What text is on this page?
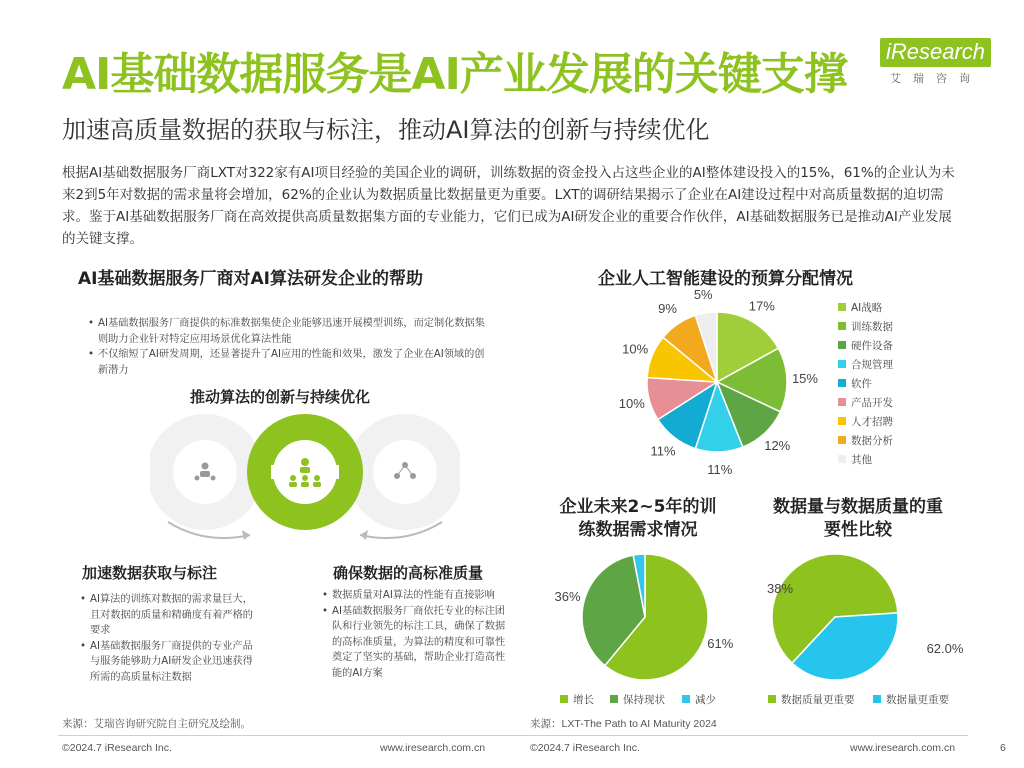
AI基础数据服务是AI产业发展的关键支撑
加速高质量数据的获取与标注，推动AI算法的创新与持续优化
iResearch
艾瑞咨询
根据AI基础数据服务厂商LXT对322家有AI项目经验的美国企业的调研，训练数据的资金投入占这些企业的AI整体建设投入的15%，61%的企业认为未来2到5年对数据的需求量将会增加，62%的企业认为数据质量比数据量更为重要。LXT的调研结果揭示了企业在AI建设过程中对高质量数据的迫切需求。鉴于AI基础数据服务厂商在高效提供高质量数据集方面的专业能力，它们已成为AI研发企业的重要合作伙伴，AI基础数据服务已是推动AI产业发展的关键支撑。
AI基础数据服务厂商对AI算法研发企业的帮助
• AI基础数据服务厂商提供的标准数据集使企业能够迅速开展模型训练，而定制化数据集则助力企业针对特定应用场景优化算法性能
• 不仅缩短了AI研发周期，还显著提升了AI应用的性能和效果，激发了企业在AI领域的创新潜力
推动算法的创新与持续优化
加速数据获取与标注
• AI算法的训练对数据的需求量巨大，且对数据的质量和精确度有着严格的要求
• AI基础数据服务厂商提供的专业产品与服务能够助力AI研发企业迅速获得所需的高质量标注数据
确保数据的高标准质量
• 数据质量对AI算法的性能有直接影响
• AI基础数据服务厂商依托专业的标注团队和行业领先的标注工具，确保了数据的高标准质量，为算法的精度和可靠性奠定了坚实的基础，帮助企业打造高性能的AI方案
企业人工智能建设的预算分配情况
17%
15%
12%
11%
11%
10%
10%
9%
5%
AI战略
训练数据
硬件设备
合规管理
软件
产品开发
人才招聘
数据分析
其他
企业未来2~5年的训练数据需求情况
61%
36%
增长	保持现状	减少
数据量与数据质量的重要性比较
62.0%
38%
数据质量更重要	数据量更重要
来源：艾瑞咨询研究院自主研究及绘制。	来源：LXT-The Path to AI Maturity 2024
©2024.7 iResearch Inc.	www.iresearch.com.cn	©2024.7 iResearch Inc.	www.iresearch.com.cn	6
